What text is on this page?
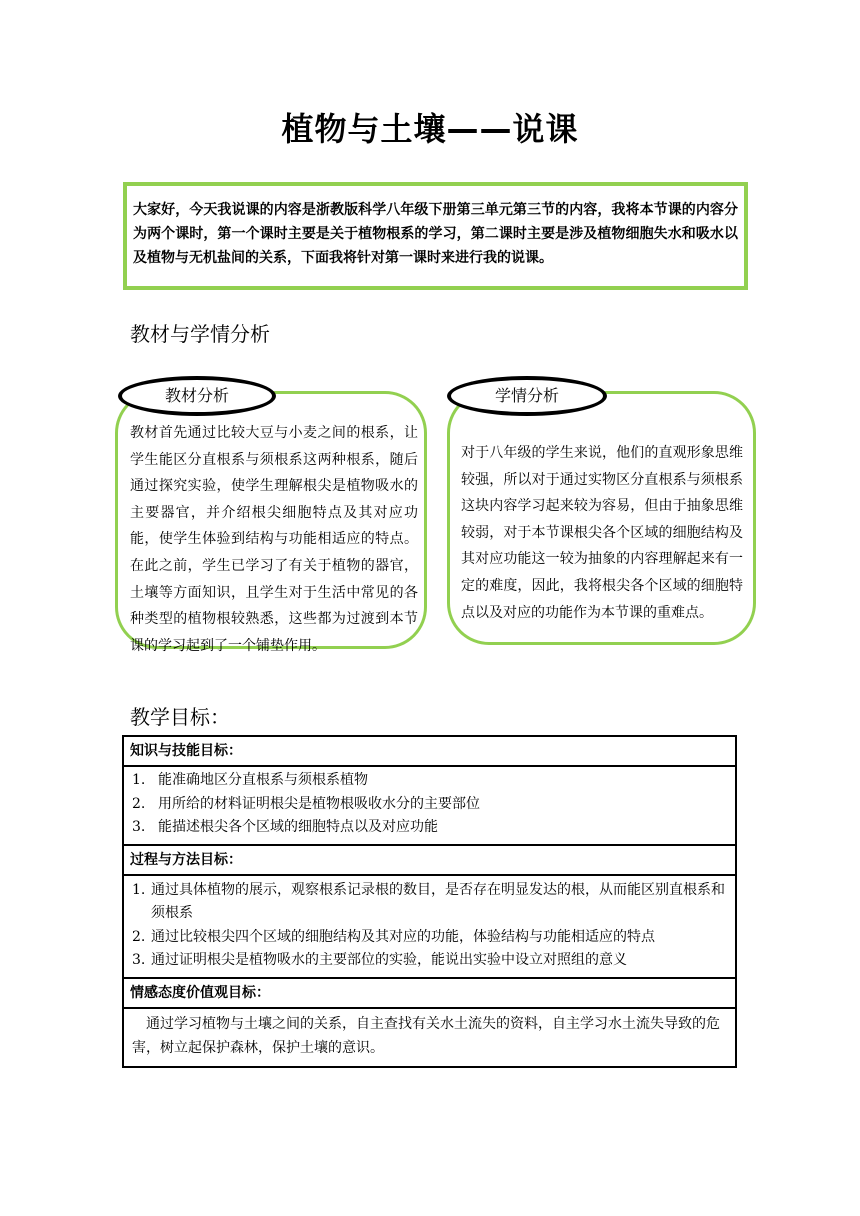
植物与土壤——说课

大家好，今天我说课的内容是浙教版科学八年级下册第三单元第三节的内容，我将本节课的内容分为两个课时，第一个课时主要是关于植物根系的学习，第二课时主要是涉及植物细胞失水和吸水以及植物与无机盐间的关系，下面我将针对第一课时来进行我的说课。

教材与学情分析
教材分析

教材首先通过比较大豆与小麦之间的根系，让学生能区分直根系与须根系这两种根系，随后通过探究实验，使学生理解根尖是植物吸水的主要器官，并介绍根尖细胞特点及其对应功能，使学生体验到结构与功能相适应的特点。在此之前，学生已学习了有关于植物的器官，土壤等方面知识，且学生对于生活中常见的各种类型的植物根较熟悉，这些都为过渡到本节课的学习起到了一个铺垫作用。

学情分析

对于八年级的学生来说，他们的直观形象思维较强，所以对于通过实物区分直根系与须根系这块内容学习起来较为容易，但由于抽象思维较弱，对于本节课根尖各个区域的细胞结构及其对应功能这一较为抽象的内容理解起来有一定的难度，因此，我将根尖各个区域的细胞特点以及对应的功能作为本节课的重难点。

教学目标：
知识与技能目标：

1. 能准确地区分直根系与须根系植物
2. 用所给的材料证明根尖是植物根吸收水分的主要部位
3. 能描述根尖各个区域的细胞特点以及对应功能

过程与方法目标：

1. 通过具体植物的展示，观察根系记录根的数目，是否存在明显发达的根，从而能区别直根系和须根系
2. 通过比较根尖四个区域的细胞结构及其对应的功能，体验结构与功能相适应的特点
3. 通过证明根尖是植物吸水的主要部位的实验，能说出实验中设立对照组的意义

情感态度价值观目标：

通过学习植物与土壤之间的关系，自主查找有关水土流失的资料，自主学习水土流失导致的危害，树立起保护森林，保护土壤的意识。
